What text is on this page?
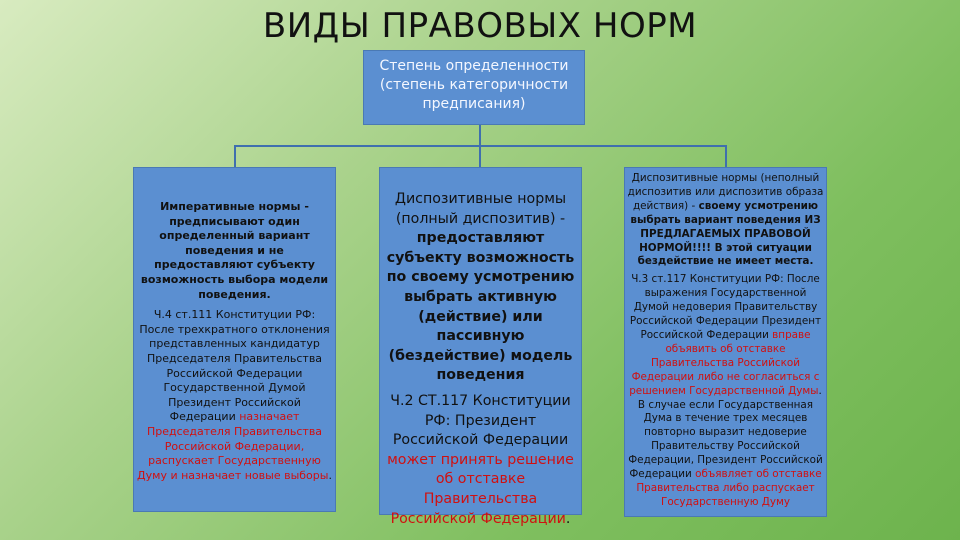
ВИДЫ ПРАВОВЫХ НОРМ
Степень определенности (степень категоричности предписания)

Императивные нормы - предписывают один определенный вариант поведения и не предоставляют субъекту возможность выбора модели поведения.

Ч.4 ст.111 Конституции РФ: После трехкратного отклонения представленных кандидатур Председателя Правительства Российской Федерации Государственной Думой Президент Российской Федерации назначает Председателя Правительства Российской Федерации, распускает Государственную Думу и назначает новые выборы.

Диспозитивные нормы (полный диспозитив) - предоставляют субъекту возможность по своему усмотрению выбрать активную (действие) или пассивную (бездействие) модель поведения

Ч.2 СТ.117 Конституции РФ: Президент Российской Федерации может принять решение об отставке Правительства Российской Федерации.

Диспозитивные нормы (неполный диспозитив или диспозитив образа действия) - своему усмотрению выбрать вариант поведения ИЗ ПРЕДЛАГАЕМЫХ ПРАВОВОЙ НОРМОЙ!!!! В этой ситуации бездействие не имеет места.

Ч.3 ст.117 Конституции РФ: После выражения Государственной Думой недоверия Правительству Российской Федерации Президент Российской Федерации вправе объявить об отставке Правительства Российской Федерации либо не согласиться с решением Государственной Думы. В случае если Государственная Дума в течение трех месяцев повторно выразит недоверие Правительству Российской Федерации, Президент Российской Федерации объявляет об отставке Правительства либо распускает Государственную Думу
